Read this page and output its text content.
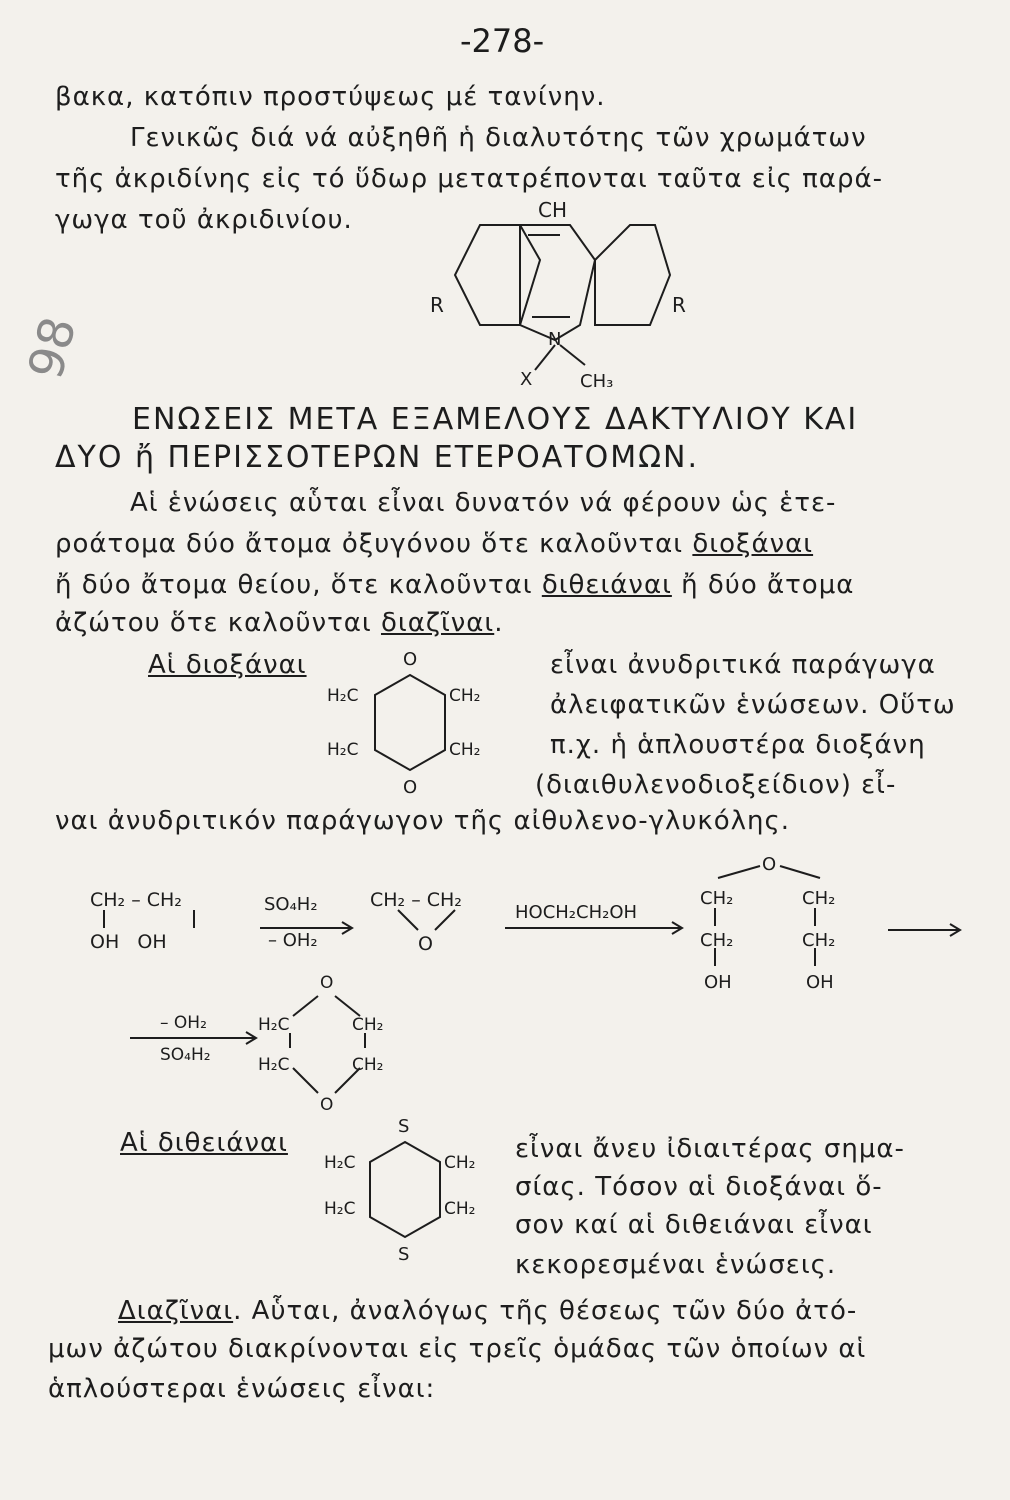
-278-
98
βακα, κατόπιν προστύψεως μέ τανίνην.
Γενικῶς διά νά αὐξηθῆ ἡ διαλυτότης τῶν χρωμάτων
τῆς ἀκριδίνης εἰς τό ὕδωρ μετατρέπονται ταῦτα εἰς παρά-
γωγα τοῦ ἀκριδινίου.	CH
R	R
N
X	CH₃
ΕΝΩΣΕΙΣ ΜΕΤΑ ΕΞΑΜΕΛΟΥΣ ΔΑΚΤΥΛΙΟΥ ΚΑΙ
ΔΥΟ ἤ ΠΕΡΙΣΣΟΤΕΡΩΝ ΕΤΕΡΟΑΤΟΜΩΝ.
Αἱ ἑνώσεις αὗται εἶναι δυνατόν νά φέρουν ὡς ἑτε-
ροάτομα δύο ἄτομα ὀξυγόνου ὅτε καλοῦνται διοξάναι
ἤ δύο ἄτομα θείου, ὅτε καλοῦνται διθειάναι ἤ δύο ἄτομα
ἀζώτου ὅτε καλοῦνται διαζῖναι.
Αἱ διοξάναι	O
O
H₂C	CH₂
H₂C	CH₂
εἶναι ἀνυδριτικά παράγωγα
ἀλειφατικῶν ἑνώσεων. Οὕτω
π.χ. ἡ ἁπλουστέρα διοξάνη
(διαιθυλενοδιοξείδιον) εἶ-
ναι ἀνυδριτικόν παράγωγον τῆς αἰθυλενο-γλυκόλης.
CH₂ – CH₂
OH   OH
SO₄H₂
– OH₂
CH₂ – CH₂
O
HOCH₂CH₂OH
O
CH₂
CH₂
OH
CH₂
CH₂
OH
– OH₂
SO₄H₂
O
H₂C	CH₂
H₂C	CH₂
O
Αἱ διθειάναι
S
S
H₂C	CH₂
H₂C	CH₂
εἶναι ἄνευ ἰδιαιτέρας σημα-
σίας. Τόσον αἱ διοξάναι ὅ-
σον καί αἱ διθειάναι εἶναι
κεκορεσμέναι ἑνώσεις.
Διαζῖναι. Αὗται, ἀναλόγως τῆς θέσεως τῶν δύο ἀτό-
μων ἀζώτου διακρίνονται εἰς τρεῖς ὁμάδας τῶν ὁποίων αἱ
ἁπλούστεραι ἑνώσεις εἶναι:
